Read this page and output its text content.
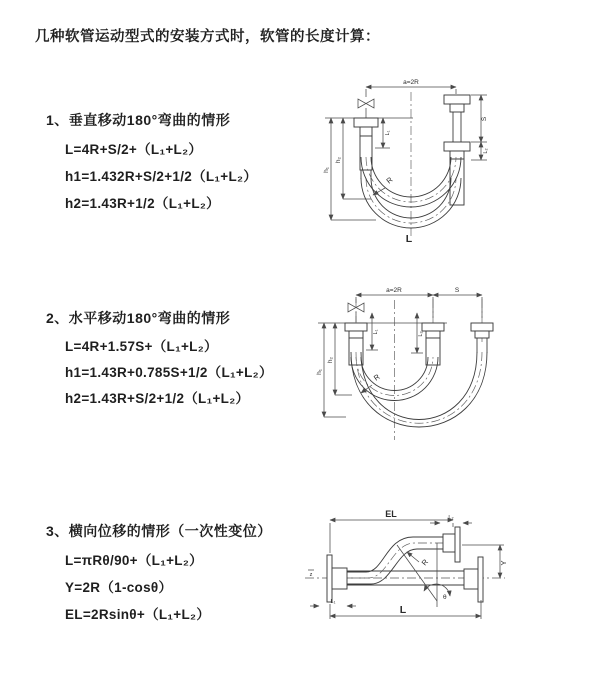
几种软管运动型式的安装方式时，软管的长度计算：
1、垂直移动180°弯曲的情形
L=4R+S/2+（L₁+L₂）
h1=1.432R+S/2+1/2（L₁+L₂）
h2=1.43R+1/2（L₁+L₂）
2、水平移动180°弯曲的情形
L=4R+1.57S+（L₁+L₂）
h1=1.43R+0.785S+1/2（L₁+L₂）
h2=1.43R+S/2+1/2（L₁+L₂）
3、横向位移的情形（一次性变位）
L=πRθ/90+（L₁+L₂）
Y=2R（1-cosθ）
EL=2Rsinθ+（L₁+L₂）
a=2R
h₁
h₂
L₁
S
L₂
R
L
a=2R	S
h₁
h₂
L₁	L₂
R
EL	L₂
z
Y
θ
R
L
L₁
